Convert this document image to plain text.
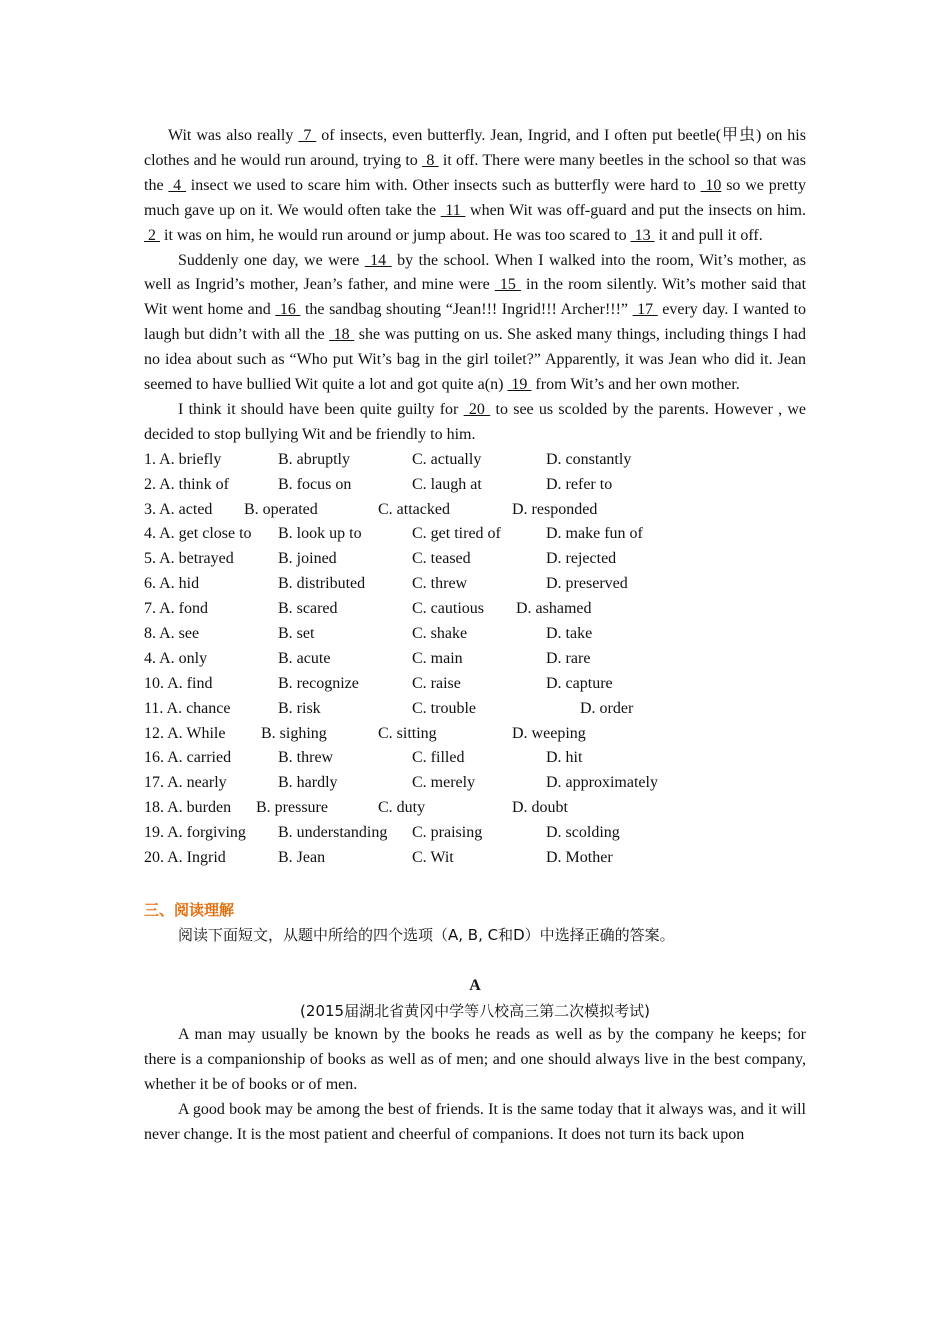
Wit was also really  7  of insects, even butterfly. Jean, Ingrid, and I often put beetle(甲虫) on his clothes and he would run around, trying to  8  it off. There were many beetles in the school so that was the  4  insect we used to scare him with. Other insects such as butterfly were hard to  10 so we pretty much gave up on it. We would often take the  11  when Wit was off-guard and put the insects on him.  2  it was on him, he would run around or jump about. He was too scared to  13  it and pull it off.

Suddenly one day, we were  14  by the school. When I walked into the room, Wit’s mother, as well as Ingrid’s mother, Jean’s father, and mine were  15  in the room silently. Wit’s mother said that Wit went home and  16  the sandbag shouting “Jean!!! Ingrid!!! Archer!!!”  17  every day. I wanted to laugh but didn’t with all the  18  she was putting on us. She asked many things, including things I had no idea about such as “Who put Wit’s bag in the girl toilet?” Apparently, it was Jean who did it. Jean seemed to have bullied Wit quite a lot and got quite a(n)  19  from Wit’s and her own mother.

I think it should have been quite guilty for  20  to see us scolded by the parents. However , we decided to stop bullying Wit and be friendly to him.

1. A. briefly	B. abruptly	C. actually	D. constantly
2. A. think of	B. focus on	C. laugh at	D. refer to
3. A. acted B. operated	C. attacked	D. responded
4. A. get close to B. look up to	C. get tired of	D. make fun of
5. A. betrayed	B. joined	C. teased	D. rejected
6. A. hid	B. distributed	C. threw	D. preserved
7. A. fond	B. scared	C. cautious D. ashamed
8. A. see	B. set	C. shake	D. take
4. A. only	B. acute	C. main	D. rare
10. A. find	B. recognize	C. raise	D. capture
11. A. chance	B. risk	C. trouble	D. order
12. A. While B. sighing	C. sitting	D. weeping
16. A. carried	B. threw	C. filled	D. hit
17. A. nearly	B. hardly	C. merely	D. approximately
18. A. burden B. pressure	C. duty	D. doubt
19. A. forgiving B. understanding C. praising	D. scolding
20. A. Ingrid	B. Jean	C. Wit	D. Mother
三、阅读理解
阅读下面短文，从题中所给的四个选项（A, B, C和D）中选择正确的答案。
A
(2015届湖北省黄冈中学等八校高三第二次模拟考试)

A man may usually be known by the books he reads as well as by the company he keeps; for there is a companionship of books as well as of men; and one should always live in the best company, whether it be of books or of men.

A good book may be among the best of friends. It is the same today that it always was, and it will never change. It is the most patient and cheerful of companions. It does not turn its back upon
